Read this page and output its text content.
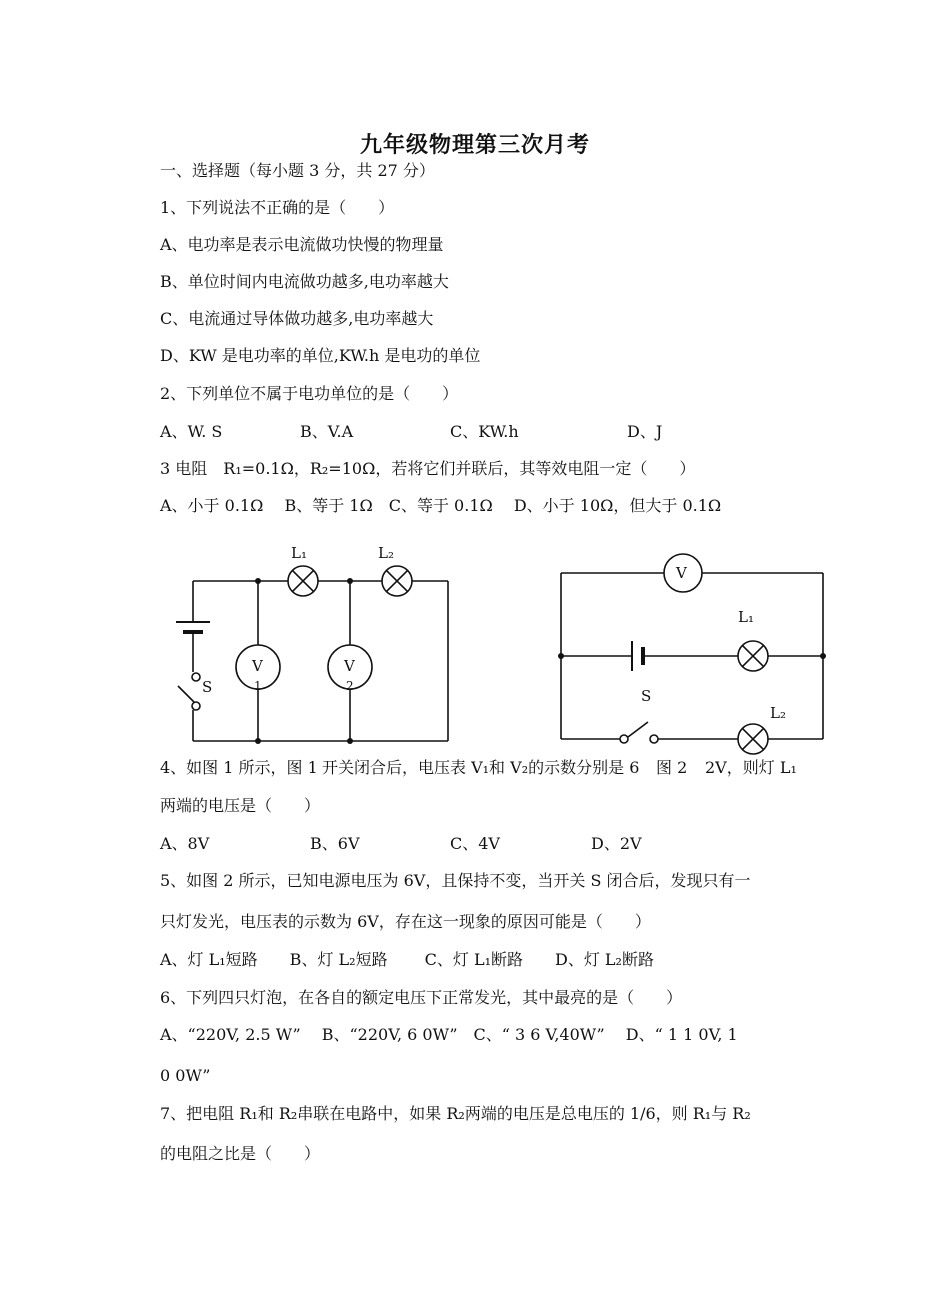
九年级物理第三次月考
一、选择题（每小题 3 分，共 27 分）
1、下列说法不正确的是（　　）
A、电功率是表示电流做功快慢的物理量
B、单位时间内电流做功越多,电功率越大
C、电流通过导体做功越多,电功率越大
D、KW 是电功率的单位,KW.h 是电功的单位
2、下列单位不属于电功单位的是（　　）
A、W. S	B、V.A	C、KW.h	D、J
3 电阻　R₁=0.1Ω，R₂=10Ω，若将它们并联后，其等效电阻一定（　　）
A、小于 0.1Ω　 B、等于 1Ω　C、等于 0.1Ω　 D、小于 10Ω，但大于 0.1Ω
L₁	L₂
V
1
V
2
S
V
L₁
L₂
S
4、如图 1 所示，图 1 开关闭合后，电压表 V₁和 V₂的示数分别是 6 图 2 2V，则灯 L₁
两端的电压是（　　）
A、8V	B、6V	C、4V	D、2V
5、如图 2 所示，已知电源电压为 6V，且保持不变，当开关 S 闭合后，发现只有一
只灯发光，电压表的示数为 6V，存在这一现象的原因可能是（　　）
A、灯 L₁短路　　B、灯 L₂短路　　 C、灯 L₁断路　　D、灯 L₂断路
6、下列四只灯泡，在各自的额定电压下正常发光，其中最亮的是（　　）
A、“220V, 2.5 W”　 B、“220V, 6 0W”　C、“ 3 6 V,40W”　 D、“ 1 1 0V, 1
0 0W”
7、把电阻 R₁和 R₂串联在电路中，如果 R₂两端的电压是总电压的 1/6，则 R₁与 R₂
的电阻之比是（　　）
